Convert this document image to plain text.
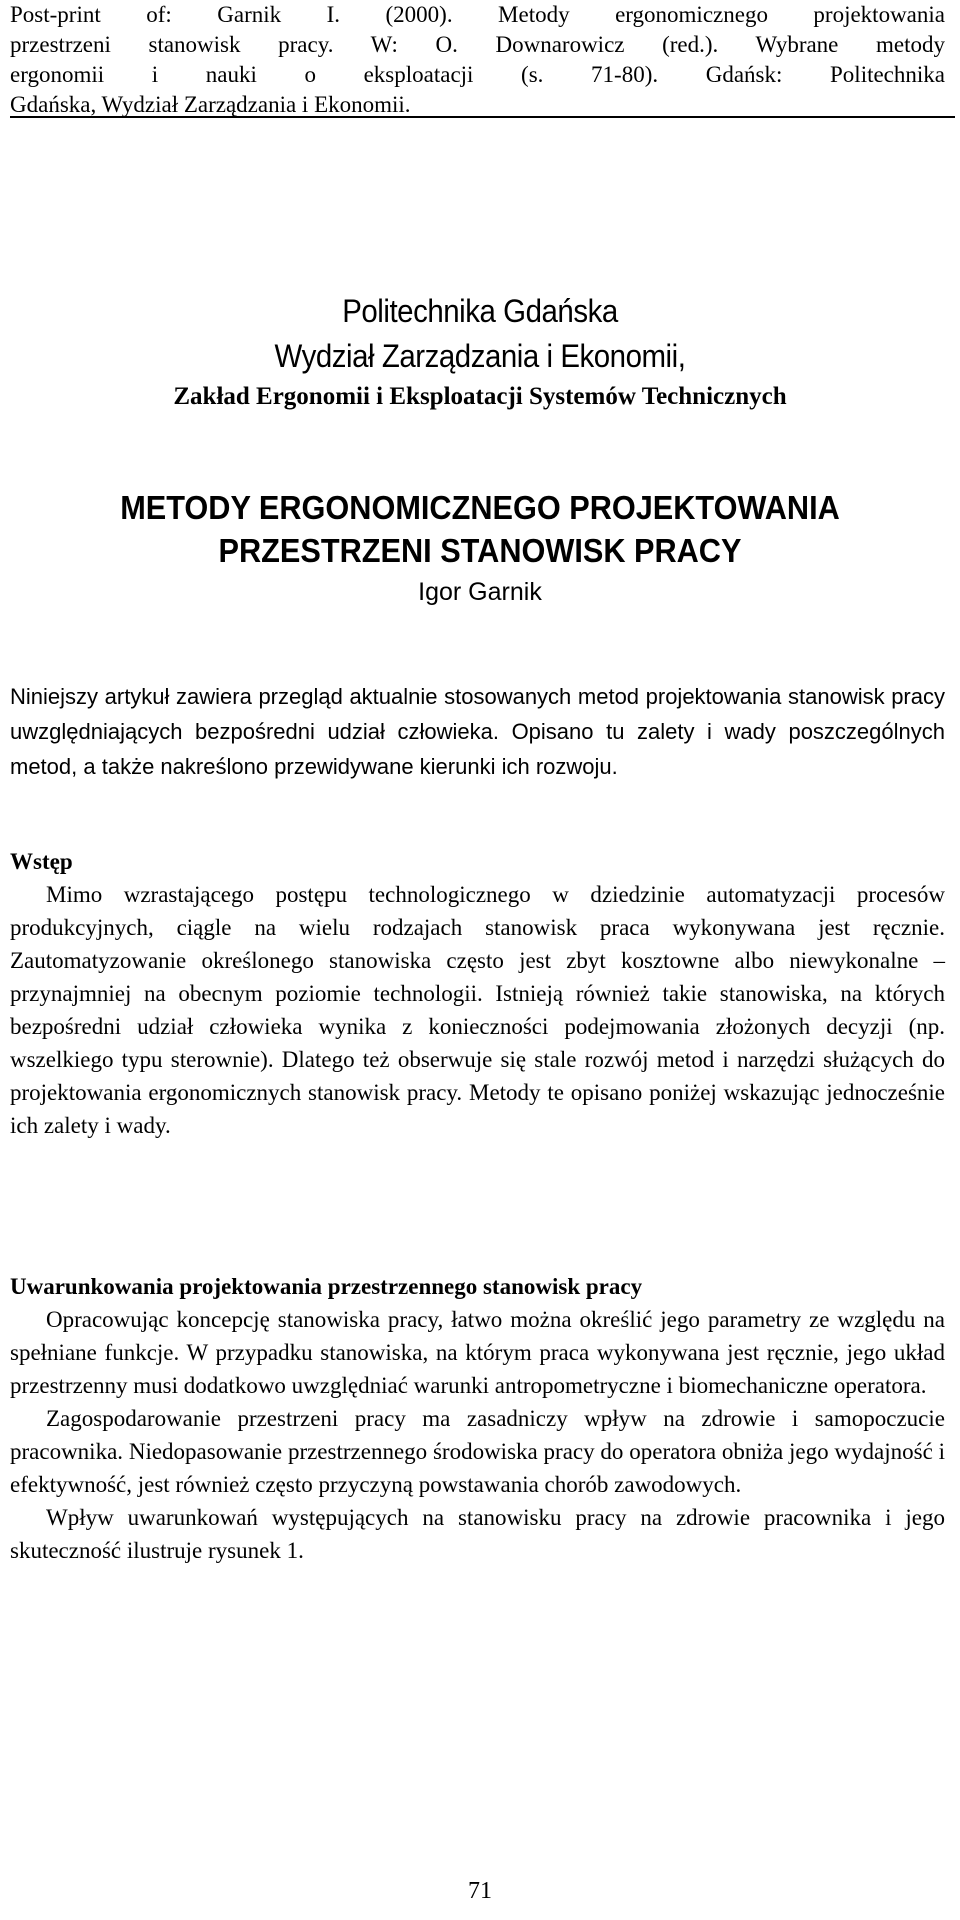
Post-print of: Garnik I. (2000). Metody ergonomicznego projektowania

przestrzeni stanowisk pracy. W: O. Downarowicz (red.). Wybrane metody

ergonomii i nauki o eksploatacji (s. 71-80). Gdańsk: Politechnika

Gdańska, Wydział Zarządzania i Ekonomii.

Politechnika Gdańska
Wydział Zarządzania i Ekonomii,
Zakład Ergonomii i Eksploatacji Systemów Technicznych
METODY ERGONOMICZNEGO PROJEKTOWANIA
PRZESTRZENI STANOWISK PRACY
Igor Garnik

Niniejszy artykuł zawiera przegląd aktualnie stosowanych metod projektowania stanowisk pracy uwzględniających bezpośredni udział człowieka. Opisano tu zalety i wady poszczególnych metod, a także nakreślono przewidywane kierunki ich rozwoju.

Wstęp

Mimo wzrastającego postępu technologicznego w dziedzinie automatyzacji procesów produkcyjnych, ciągle na wielu rodzajach stanowisk praca wykonywana jest ręcznie. Zautomatyzowanie określonego stanowiska często jest zbyt kosztowne albo niewykonalne – przynajmniej na obecnym poziomie technologii. Istnieją również takie stanowiska, na których bezpośredni udział człowieka wynika z konieczności podejmowania złożonych decyzji (np. wszelkiego typu sterownie). Dlatego też obserwuje się stale rozwój metod i narzędzi służących do projektowania ergonomicznych stanowisk pracy. Metody te opisano poniżej wskazując jednocześnie ich zalety i wady.

Uwarunkowania projektowania przestrzennego stanowisk pracy

Opracowując koncepcję stanowiska pracy, łatwo można określić jego parametry ze względu na spełniane funkcje. W przypadku stanowiska, na którym praca wykonywana jest ręcznie, jego układ przestrzenny musi dodatkowo uwzględniać warunki antropometryczne i biomechaniczne operatora.

Zagospodarowanie przestrzeni pracy ma zasadniczy wpływ na zdrowie i samopoczucie pracownika. Niedopasowanie przestrzennego środowiska pracy do operatora obniża jego wydajność i efektywność, jest również często przyczyną powstawania chorób zawodowych.

Wpływ uwarunkowań występujących na stanowisku pracy na zdrowie pracownika i jego skuteczność ilustruje rysunek 1.

71
